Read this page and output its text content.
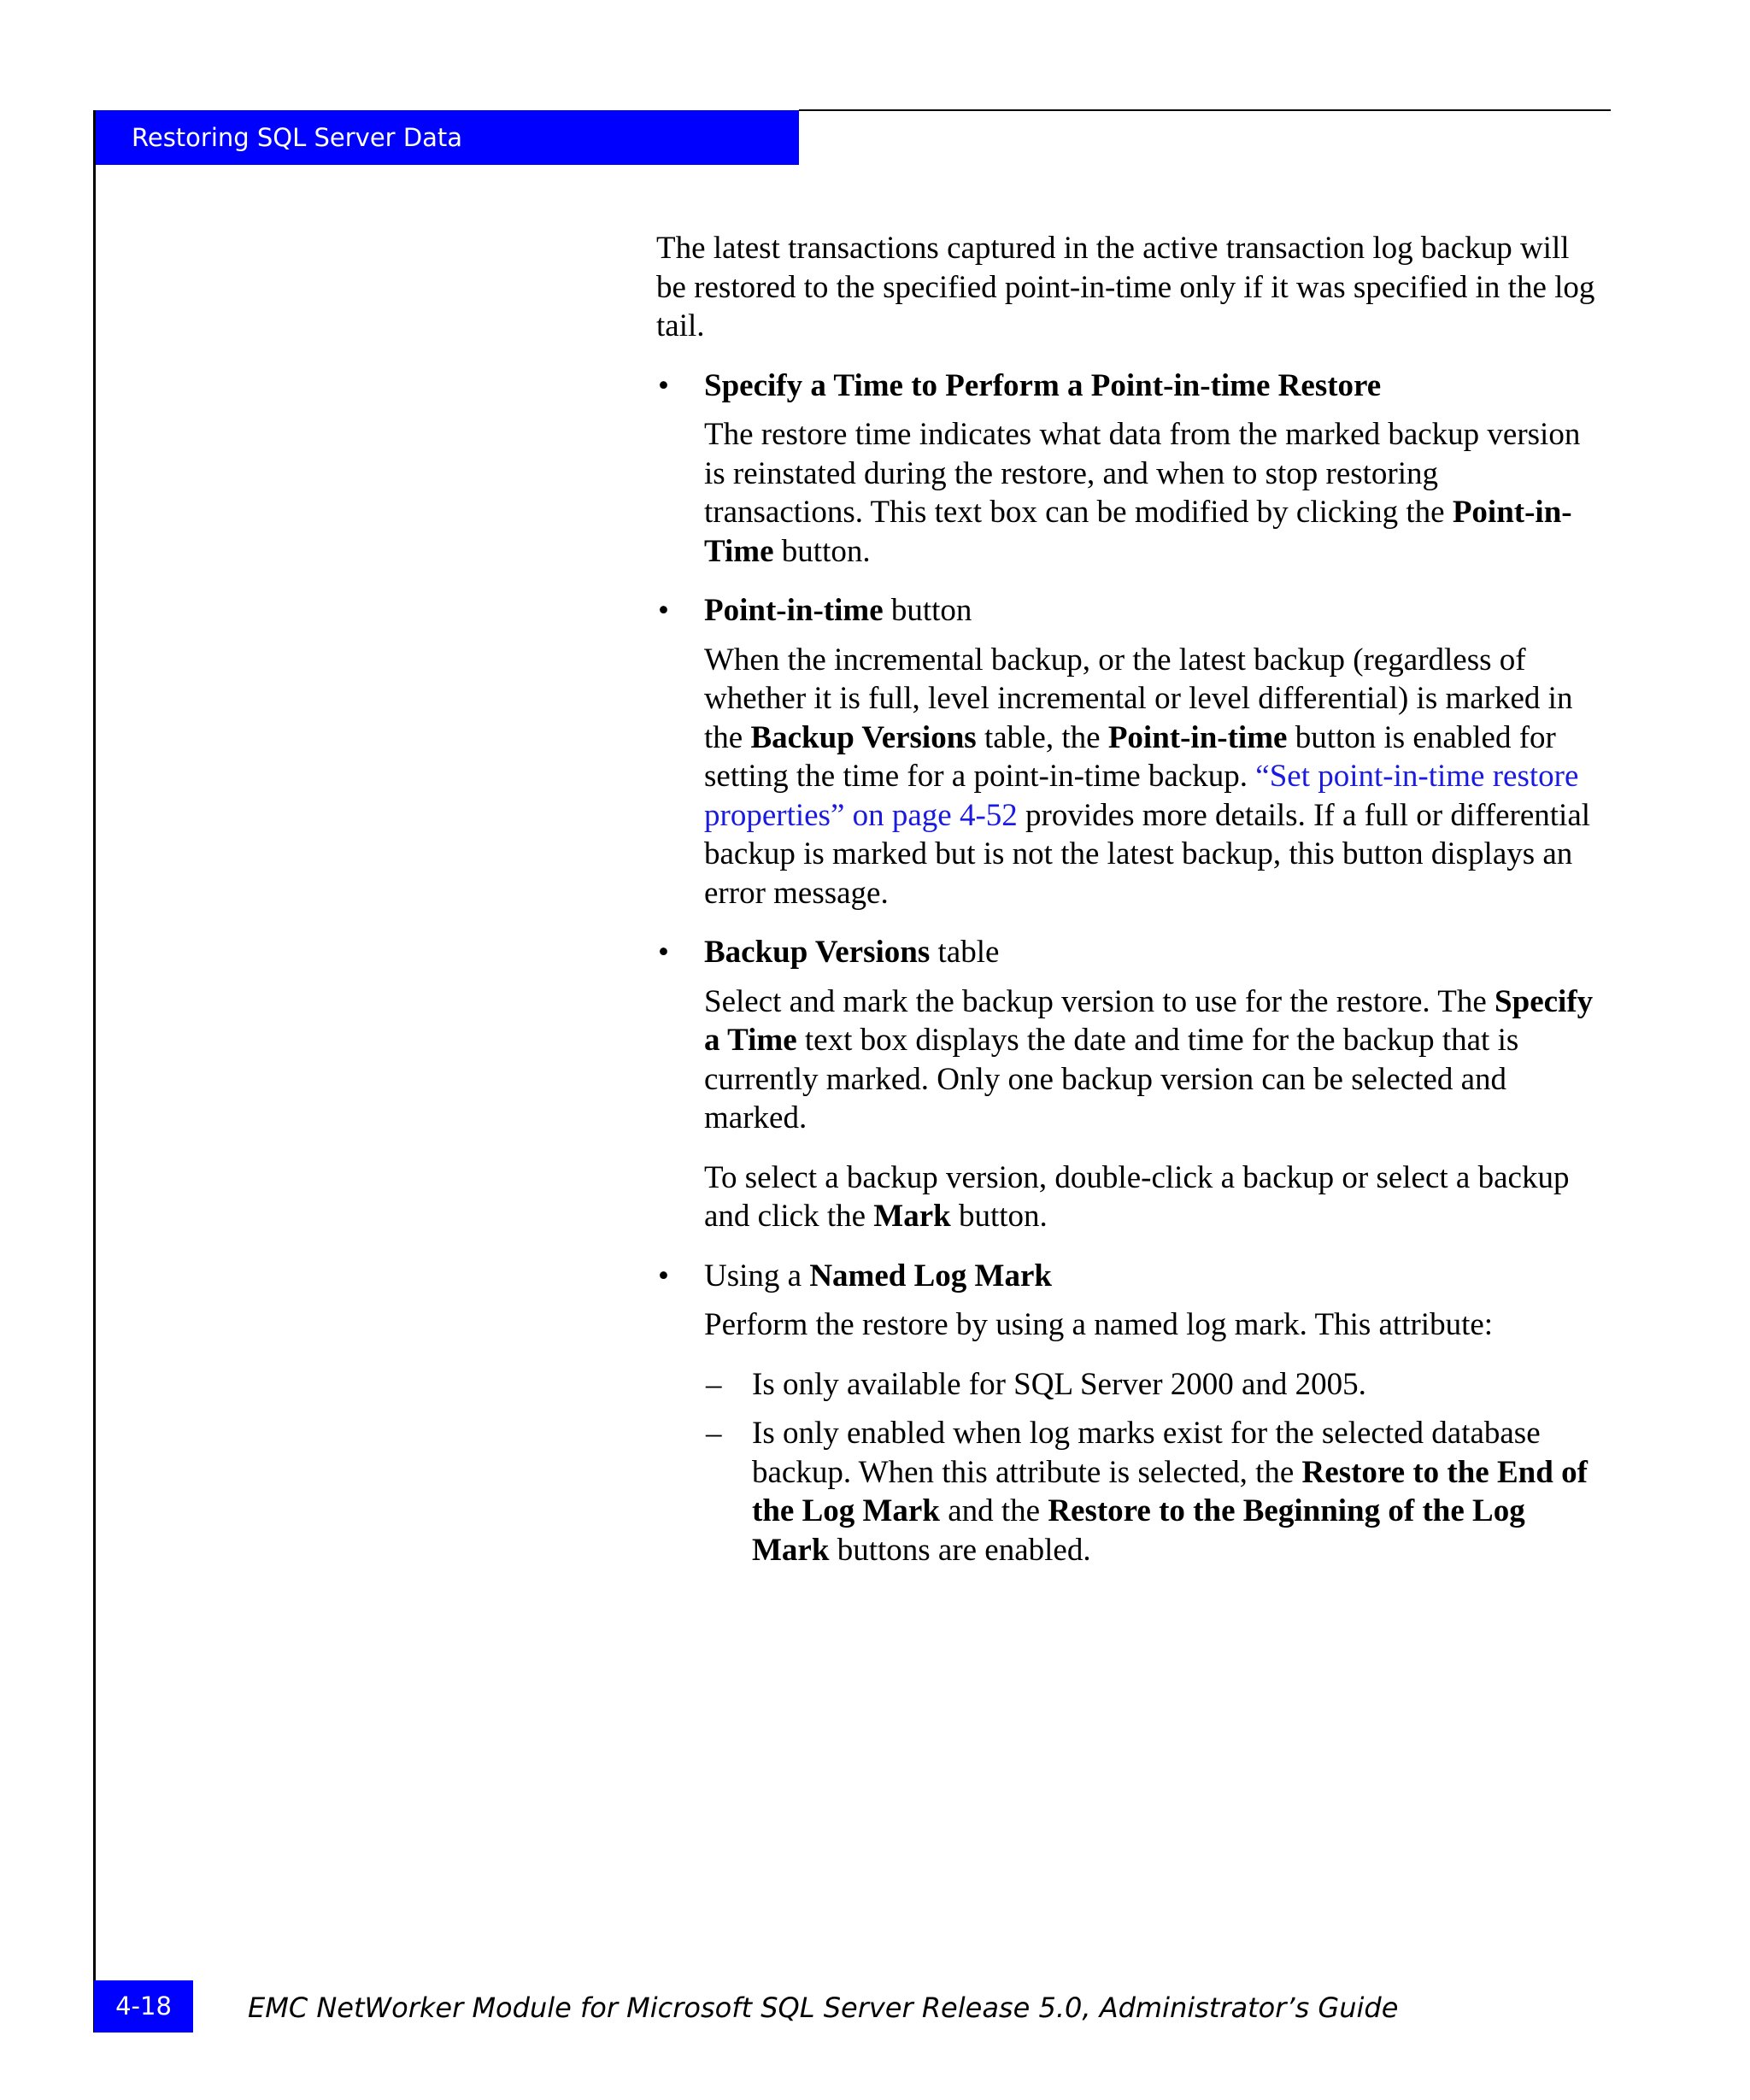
Restoring SQL Server Data

The latest transactions captured in the active transaction log backup will be restored to the specified point-in-time only if it was specified in the log tail.

• Specify a Time to Perform a Point-in-time Restore

The restore time indicates what data from the marked backup version is reinstated during the restore, and when to stop restoring transactions. This text box can be modified by clicking the Point-in-Time button.

• Point-in-time button

When the incremental backup, or the latest backup (regardless of whether it is full, level incremental or level differential) is marked in the Backup Versions table, the Point-in-time button is enabled for setting the time for a point-in-time backup. “Set point-in-time restore properties” on page 4-52 provides more details. If a full or differential backup is marked but is not the latest backup, this button displays an error message.

• Backup Versions table

Select and mark the backup version to use for the restore. The Specify a Time text box displays the date and time for the backup that is currently marked. Only one backup version can be selected and marked.

To select a backup version, double-click a backup or select a backup and click the Mark button.

• Using a Named Log Mark

Perform the restore by using a named log mark. This attribute:

– Is only available for SQL Server 2000 and 2005.

– Is only enabled when log marks exist for the selected database backup. When this attribute is selected, the Restore to the End of the Log Mark and the Restore to the Beginning of the Log Mark buttons are enabled.

4-18	EMC NetWorker Module for Microsoft SQL Server Release 5.0, Administrator’s Guide
